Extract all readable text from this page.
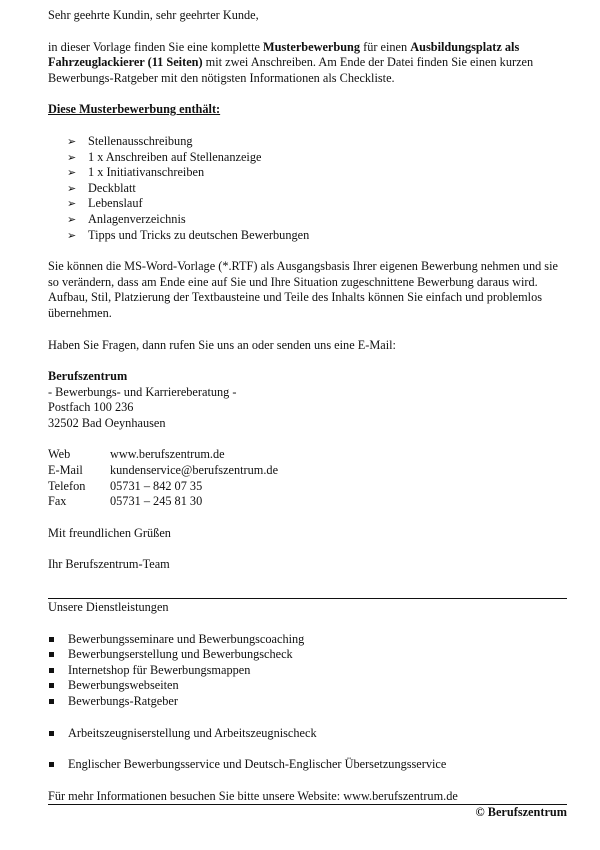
Sehr geehrte Kundin, sehr geehrter Kunde,

in dieser Vorlage finden Sie eine komplette Musterbewerbung für einen Ausbildungsplatz als Fahrzeuglackierer (11 Seiten) mit zwei Anschreiben. Am Ende der Datei finden Sie einen kurzen Bewerbungs-Ratgeber mit den nötigsten Informationen als Checkliste.

Diese Musterbewerbung enthält:

➢ Stellenausschreibung
➢ 1 x Anschreiben auf Stellenanzeige
➢ 1 x Initiativanschreiben
➢ Deckblatt
➢ Lebenslauf
➢ Anlagenverzeichnis
➢ Tipps und Tricks zu deutschen Bewerbungen

Sie können die MS-Word-Vorlage (*.RTF) als Ausgangsbasis Ihrer eigenen Bewerbung nehmen und sie so verändern, dass am Ende eine auf Sie und Ihre Situation zugeschnittene Bewerbung daraus wird. Aufbau, Stil, Platzierung der Textbausteine und Teile des Inhalts können Sie einfach und problemlos übernehmen.

Haben Sie Fragen, dann rufen Sie uns an oder senden uns eine E-Mail:

Berufszentrum

- Bewerbungs- und Karriereberatung -

Postfach 100 236

32502 Bad Oeynhausen

Web	www.berufszentrum.de
E-Mail	kundenservice@berufszentrum.de
Telefon	05731 – 842 07 35
Fax	05731 – 245 81 30

Mit freundlichen Grüßen

Ihr Berufszentrum-Team

Unsere Dienstleistungen

Bewerbungsseminare und Bewerbungscoaching
Bewerbungserstellung und Bewerbungscheck
Internetshop für Bewerbungsmappen
Bewerbungswebseiten
Bewerbungs-Ratgeber
Arbeitszeugniserstellung und Arbeitszeugnischeck
Englischer Bewerbungsservice und Deutsch-Englischer Übersetzungsservice

Für mehr Informationen besuchen Sie bitte unsere Website: www.berufszentrum.de

© Berufszentrum
